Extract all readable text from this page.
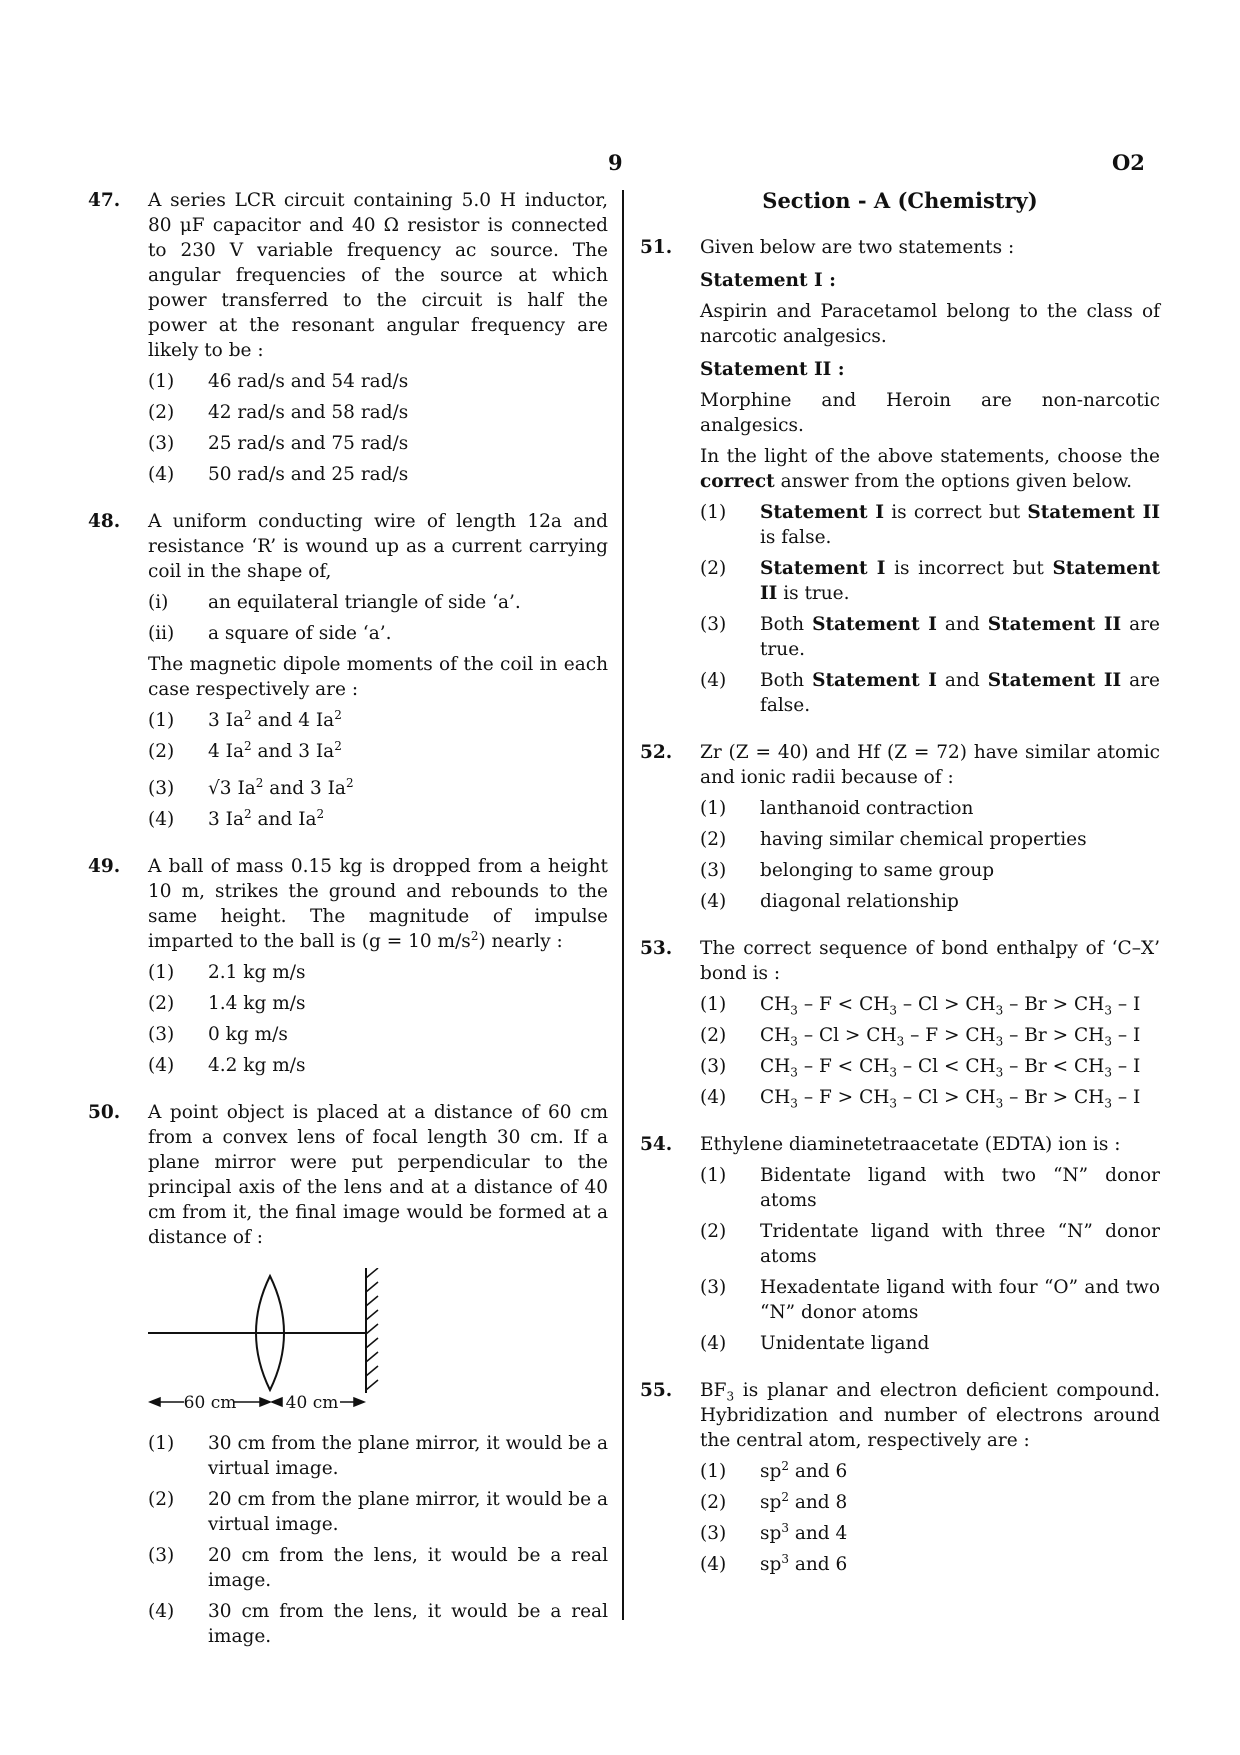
9	O2
47. A series LCR circuit containing 5.0 H inductor, 80 μF capacitor and 40 Ω resistor is connected to 230 V variable frequency ac source. The angular frequencies of the source at which power transferred to the circuit is half the power at the resonant angular frequency are likely to be :
(1)	46 rad/s and 54 rad/s
(2)	42 rad/s and 58 rad/s
(3)	25 rad/s and 75 rad/s
(4)	50 rad/s and 25 rad/s
48. A uniform conducting wire of length 12a and resistance ‘R’ is wound up as a current carrying coil in the shape of,
(i)	an equilateral triangle of side ‘a’.
(ii)	a square of side ‘a’.
The magnetic dipole moments of the coil in each case respectively are :
(1)	3 Ia$^2$ and 4 Ia$^2$
(2)	4 Ia$^2$ and 3 Ia$^2$
(3)	√3 Ia$^2$ and 3 Ia$^2$
(4)	3 Ia$^2$ and Ia$^2$
49. A ball of mass 0.15 kg is dropped from a height 10 m, strikes the ground and rebounds to the same height. The magnitude of impulse imparted to the ball is (g = 10 $m/s^2$) nearly :
(1)	2.1 kg m/s
(2)	1.4 kg m/s
(3)	0 kg m/s
(4)	4.2 kg m/s
50. A point object is placed at a distance of 60 cm from a convex lens of focal length 30 cm. If a plane mirror were put perpendicular to the principal axis of the lens and at a distance of 40 cm from it, the final image would be formed at a distance of :
60 cm	40 cm
(1)	30 cm from the plane mirror, it would be a virtual image.
(2)	20 cm from the plane mirror, it would be a virtual image.
(3)	20 cm from the lens, it would be a real image.
(4)	30 cm from the lens, it would be a real image.
Section - A (Chemistry)
51. Given below are two statements :
Statement I :
Aspirin and Paracetamol belong to the class of narcotic analgesics.
Statement II :
Morphine and Heroin are non-narcotic analgesics.
In the light of the above statements, choose the correct answer from the options given below.
(1)	Statement I is correct but Statement II is false.
(2)	Statement I is incorrect but Statement II is true.
(3)	Both Statement I and Statement II are true.
(4)	Both Statement I and Statement II are false.
52. Zr (Z = 40) and Hf (Z = 72) have similar atomic and ionic radii because of :
(1)	lanthanoid contraction
(2)	having similar chemical properties
(3)	belonging to same group
(4)	diagonal relationship
53. The correct sequence of bond enthalpy of ‘C–X’ bond is :
(1)	$CH_3 - F < CH_3 - Cl > CH_3 - Br > CH_3 - I$
(2)	$CH_3 - Cl > CH_3 - F > CH_3 - Br > CH_3 - I$
(3)	$CH_3 - F < CH_3 - Cl < CH_3 - Br < CH_3 - I$
(4)	$CH_3 - F > CH_3 - Cl > CH_3 - Br > CH_3 - I$
54. Ethylene diaminetetraacetate (EDTA) ion is :
(1)	Bidentate ligand with two “N” donor atoms
(2)	Tridentate ligand with three “N” donor atoms
(3)	Hexadentate ligand with four “O” and two “N” donor atoms
(4)	Unidentate ligand
55. $BF_3$ is planar and electron deficient compound. Hybridization and number of electrons around the central atom, respectively are :
(1)	$sp^2$ and 6
(2)	$sp^2$ and 8
(3)	$sp^3$ and 4
(4)	$sp^3$ and 6
